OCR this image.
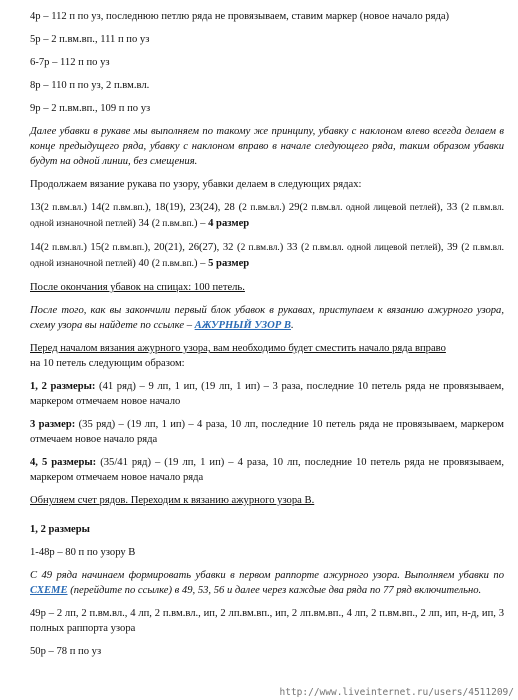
4р – 112 п по уз, последнюю петлю ряда не провязываем, ставим маркер (новое начало ряда)

5р – 2 п.вм.вп., 111 п по уз

6-7р – 112 п по уз

8р – 110 п по уз, 2 п.вм.вл.

9р – 2 п.вм.вп., 109 п по уз

Далее убавки в рукаве мы выполняем по такому же принципу, убавку с наклоном влево всегда делаем в конце предыдущего ряда, убавку с наклоном вправо в начале следующего ряда, таким образом убавки будут на одной линии, без смещения.

Продолжаем вязание рукава по узору, убавки делаем в следующих рядах:

13(2 п.вм.вл.) 14(2 п.вм.вп.), 18(19), 23(24), 28 (2 п.вм.вл.) 29(2 п.вм.вл. одной лицевой петлей), 33 (2 п.вм.вл. одной изнаночной петлей) 34 (2 п.вм.вп.) – 4 размер

14(2 п.вм.вл.) 15(2 п.вм.вп.), 20(21), 26(27), 32 (2 п.вм.вл.) 33 (2 п.вм.вл. одной лицевой петлей), 39 (2 п.вм.вл. одной изнаночной петлей) 40 (2 п.вм.вп.) – 5 размер

После окончания убавок на спицах: 100 петель.

После того, как вы закончили первый блок убавок в рукавах, приступаем к вязанию ажурного узора, схему узора вы найдете по ссылке – АЖУРНЫЙ УЗОР В.

Перед началом вязания ажурного узора, вам необходимо будет сместить начало ряда вправо
на 10 петель следующим образом:

1, 2 размеры: (41 ряд) – 9 лп, 1 ип, (19 лп, 1 ип) – 3 раза, последние 10 петель ряда не провязываем, маркером отмечаем новое начало

3 размер: (35 ряд) – (19 лп, 1 ип) – 4 раза, 10 лп, последние 10 петель ряда не провязываем, маркером отмечаем новое начало ряда

4, 5 размеры: (35/41 ряд) – (19 лп, 1 ип) – 4 раза, 10 лп, последние 10 петель ряда не провязываем, маркером отмечаем новое начало ряда

Обнуляем счет рядов. Переходим к вязанию ажурного узора В.

1, 2 размеры

1-48р – 80 п по узору В

С 49 ряда начинаем формировать убавки в первом раппорте ажурного узора. Выполняем убавки по СХЕМЕ (перейдите по ссылке) в 49, 53, 56 и далее через каждые два ряда по 77 ряд включительно.

49р – 2 лп, 2 п.вм.вл., 4 лп, 2 п.вм.вл., ип, 2 лп.вм.вп., ип, 2 лп.вм.вп., 4 лп, 2 п.вм.вп., 2 лп, ип, н-д, ип, 3 полных раппорта узора

50р – 78 п по уз

http://www.liveinternet.ru/users/4511209/
